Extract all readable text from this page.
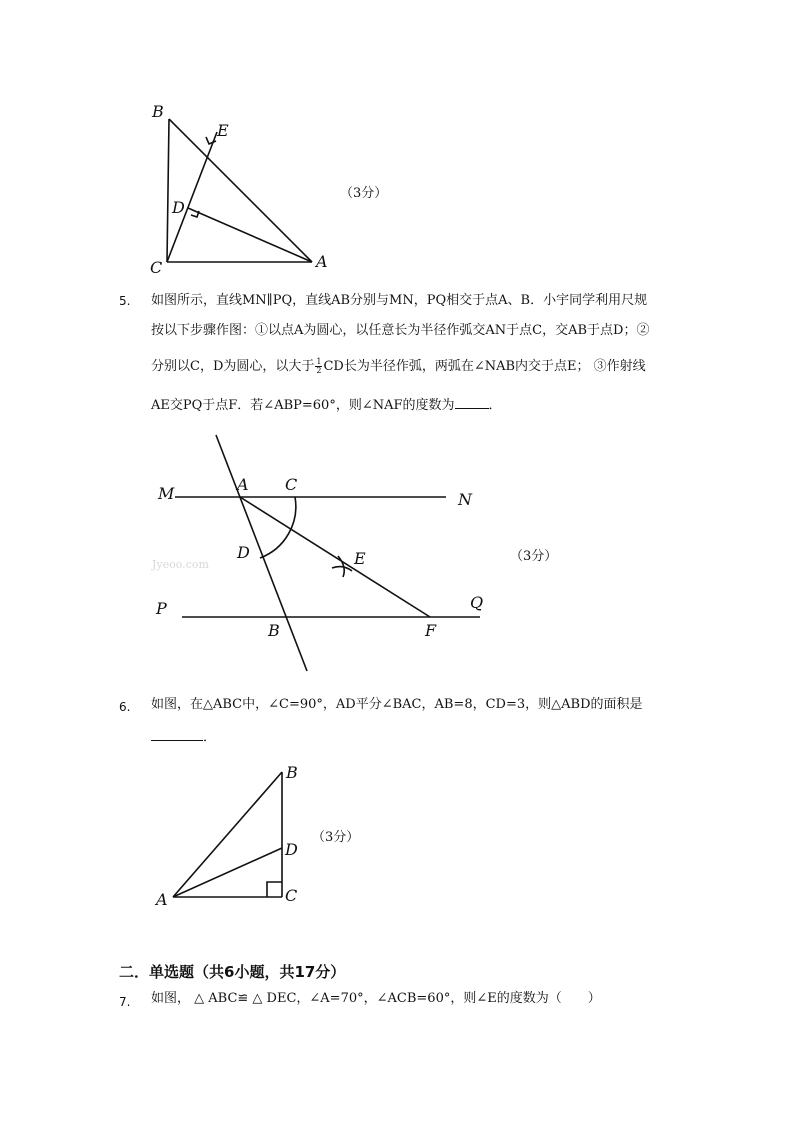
B
E
D
C	A
（3分）
5. 如图所示，直线MN∥PQ，直线AB分别与MN，PQ相交于点A、B．小宇同学利用尺规
按以下步骤作图：①以点A为圆心，以任意长为半径作弧交AN于点C，交AB于点D；②
分别以C，D为圆心，以大于 $\frac{1}{2}$ CD长为半径作弧，两弧在∠NAB内交于点E； ③作射线
AE交PQ于点F．若∠ABP=60°，则∠NAF的度数为	．
M	A C
N
D	E
P	Q
B	F
Jyeoo.com
（3分）
6. 如图，在△ABC中，∠C=90°，AD平分∠BAC，AB=8，CD=3，则△ABD的面积是
．
B
D
A	C
（3分）
二．单选题（共6小题，共17分）
7. 如图， △ ABC≌ △ DEC，∠A=70°，∠ACB=60°，则∠E的度数为（　　）
